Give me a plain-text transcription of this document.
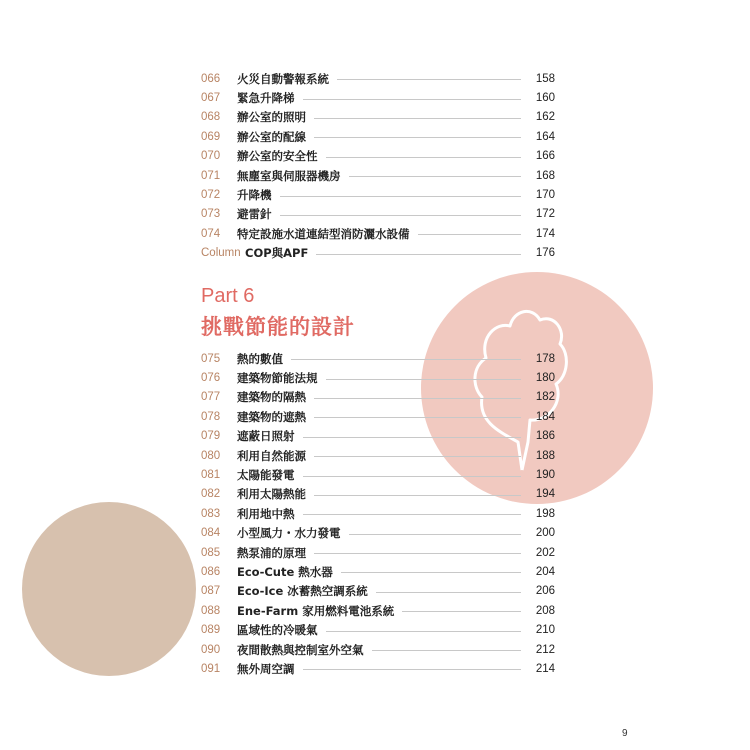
066	火災自動警報系統	158
067	緊急升降梯	160
068	辦公室的照明	162
069	辦公室的配線	164
070	辦公室的安全性	166
071	無塵室與伺服器機房	168
072	升降機	170
073	避雷針	172
074	特定設施水道連結型消防灑水設備	174
Column COP與APF	176
Part 6
挑戰節能的設計
075	熱的數值	178
076	建築物節能法規	180
077	建築物的隔熱	182
078	建築物的遮熱	184
079	遮蔽日照射	186
080	利用自然能源	188
081	太陽能發電	190
082	利用太陽熱能	194
083	利用地中熱	198
084	小型風力・水力發電	200
085	熱泵浦的原理	202
086	Eco-Cute 熱水器	204
087	Eco-Ice 冰蓄熱空調系統	206
088	Ene-Farm 家用燃料電池系統	208
089	區域性的冷暖氣	210
090	夜間散熱與控制室外空氣	212
091	無外周空調	214
9
